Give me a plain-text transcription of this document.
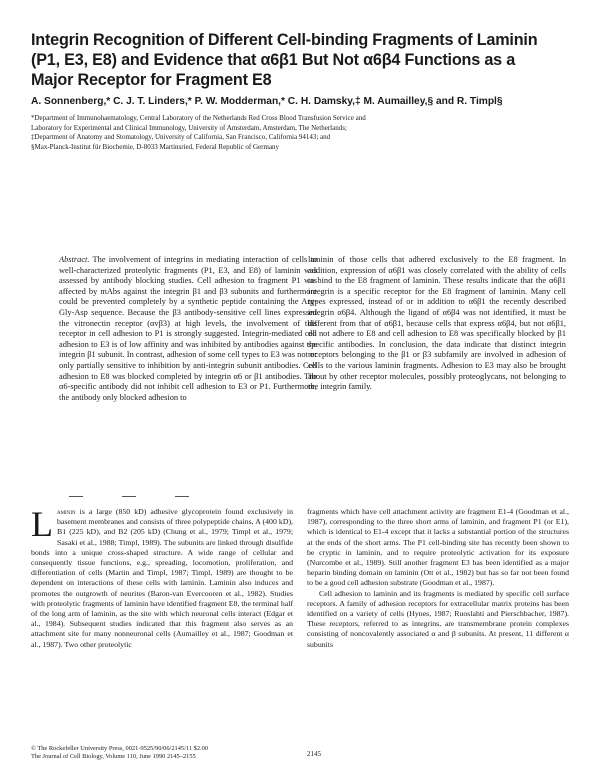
Integrin Recognition of Different Cell-binding Fragments of Laminin (P1, E3, E8) and Evidence that α6β1 But Not α6β4 Functions as a Major Receptor for Fragment E8
A. Sonnenberg,* C. J. T. Linders,* P. W. Modderman,* C. H. Damsky,‡ M. Aumailley,§ and R. Timpl§
*Department of Immunohaematology, Central Laboratory of the Netherlands Red Cross Blood Transfusion Service and
Laboratory for Experimental and Clinical Immunology, University of Amsterdam, Amsterdam, The Netherlands;
‡Department of Anatomy and Stomatology, University of California, San Francisco, California 94143; and
§Max-Planck-Institut für Biochemie, D-8033 Martinsried, Federal Republic of Germany

Abstract. The involvement of integrins in mediating interaction of cells to well-characterized proteolytic fragments (P1, E3, and E8) of laminin was assessed by antibody blocking studies. Cell adhesion to fragment P1 was affected by mAbs against the integrin β1 and β3 subunits and furthermore could be prevented completely by a synthetic peptide containing the Arg-Gly-Asp sequence. Because the β3 antibody-sensitive cell lines expressed the vitronectin receptor (αvβ3) at high levels, the involvement of this receptor in cell adhesion to P1 is strongly suggested. Integrin-mediated cell adhesion to E3 is of low affinity and was inhibited by antibodies against the integrin β1 subunit. In contrast, adhesion of some cell types to E3 was not or only partially sensitive to inhibition by anti-integrin subunit antibodies. Cell adhesion to E8 was blocked completed by integrin α6 or β1 antibodies. The α6-specific antibody did not inhibit cell adhesion to E3 or P1. Furthermore, the antibody only blocked adhesion to

laminin of those cells that adhered exclusively to the E8 fragment. In addition, expression of α6β1 was closely correlated with the ability of cells to bind to the E8 fragment of laminin. These results indicate that the α6β1 integrin is a specific receptor for the E8 fragment of laminin. Many cell types expressed, instead of or in addition to α6β1 the recently described integrin α6β4. Although the ligand of α6β4 was not identified, it must be different from that of α6β1, because cells that express α6β4, but not α6β1, do not adhere to E8 and cell adhesion to E8 was specifically blocked by β1 specific antibodies. In conclusion, the data indicate that distinct integrin receptors belonging to the β1 or β3 subfamily are involved in adhesion of cells to the various laminin fragments. Adhesion to E3 may also be brought about by other receptor molecules, possibly proteoglycans, not belonging to the integrin family.

Laminin is a large (850 kD) adhesive glycoprotein found exclusively in basement membranes and consists of three polypeptide chains, A (400 kD), B1 (225 kD), and B2 (205 kD) (Chung et al., 1979; Timpl et al., 1979; Sasaki et al., 1988; Timpl, 1989). The subunits are linked through disulfide bonds into a unique cross-shaped structure. A wide range of cellular and consequently tissue functions, e.g., spreading, locomotion, proliferation, and differentiation of cells (Martin and Timpl, 1987; Timpl, 1989) are thought to be dependent on interactions of these cells with laminin. Laminin also induces and promotes the outgrowth of neurites (Baron-van Evercooren et al., 1982). Studies with proteolytic fragments of laminin have identified fragment E8, the terminal half of the long arm of laminin, as the site with which neuronal cells interact (Edgar et al., 1984). Subsequent studies indicated that this fragment also serves as an attachment site for many nonneuronal cells (Aumailley et al., 1987; Goodman et al., 1987). Two other proteolytic

fragments which have cell attachment activity are fragment E1-4 (Goodman et al., 1987), corresponding to the three short arms of laminin, and fragment P1 (or E1), which is identical to E1-4 except that it lacks a substantial portion of the structures at the ends of the short arms. The P1 cell-binding site has recently been shown to be cryptic in laminin, and to require proteolytic activation for its exposure (Nurcombe et al., 1989). Still another fragment E3 has been identified as a major heparin binding domain on laminin (Ott et al., 1982) but has so far not been found to be a good cell adhesion substrate (Goodman et al., 1987).

Cell adhesion to laminin and its fragments is mediated by specific cell surface receptors. A family of adhesion receptors for extracellular matrix proteins has been identified on a variety of cells (Hynes, 1987; Ruoslahti and Pierschbacher, 1987). These receptors, referred to as integrins, are transmembrane protein complexes consisting of noncovalently associated α and β subunits. At present, 11 different α subunits

© The Rockefeller University Press, 0021-9525/90/06/2145/11 $2.00
The Journal of Cell Biology, Volume 110, June 1990 2145–2155	2145
